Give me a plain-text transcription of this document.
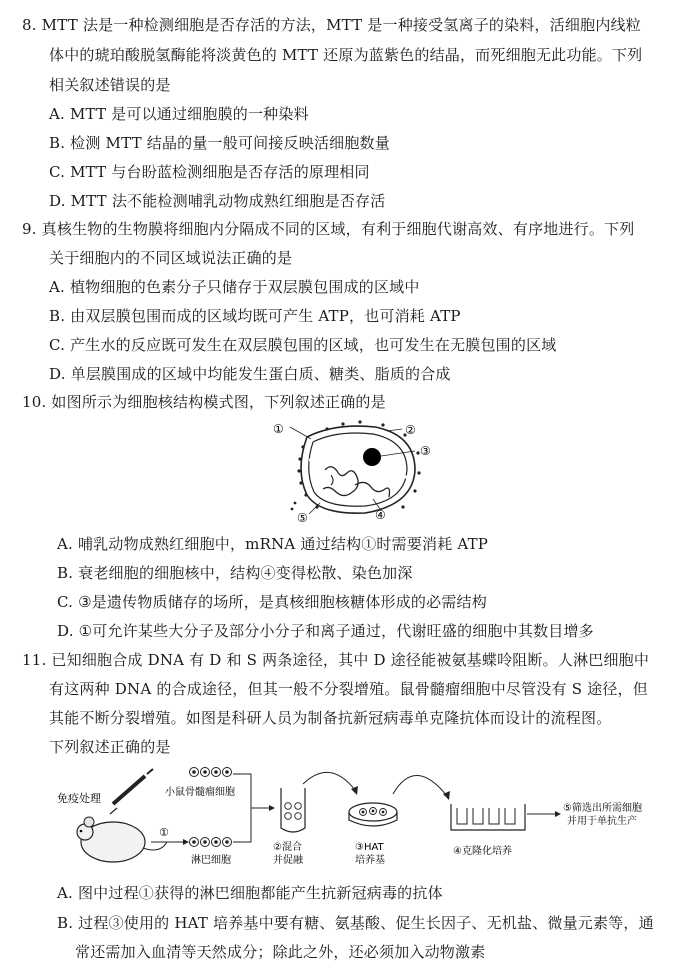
8. MTT 法是一种检测细胞是否存活的方法，MTT 是一种接受氢离子的染料，活细胞内线粒
体中的琥珀酸脱氢酶能将淡黄色的 MTT 还原为蓝紫色的结晶，而死细胞无此功能。下列
相关叙述错误的是
A. MTT 是可以通过细胞膜的一种染料
B. 检测 MTT 结晶的量一般可间接反映活细胞数量
C. MTT 与台盼蓝检测细胞是否存活的原理相同
D. MTT 法不能检测哺乳动物成熟红细胞是否存活
9. 真核生物的生物膜将细胞内分隔成不同的区域，有利于细胞代谢高效、有序地进行。下列
关于细胞内的不同区域说法正确的是
A. 植物细胞的色素分子只储存于双层膜包围成的区域中
B. 由双层膜包围而成的区域均既可产生 ATP，也可消耗 ATP
C. 产生水的反应既可发生在双层膜包围的区域，也可发生在无膜包围的区域
D. 单层膜围成的区域中均能发生蛋白质、糖类、脂质的合成
10. 如图所示为细胞核结构模式图，下列叙述正确的是
①	②
③
④
⑤
A. 哺乳动物成熟红细胞中，mRNA 通过结构①时需要消耗 ATP
B. 衰老细胞的细胞核中，结构④变得松散、染色加深
C. ③是遗传物质储存的场所，是真核细胞核糖体形成的必需结构
D. ①可允许某些大分子及部分小分子和离子通过，代谢旺盛的细胞中其数目增多
11. 已知细胞合成 DNA 有 D 和 S 两条途径，其中 D 途径能被氨基蝶呤阻断。人淋巴细胞中
有这两种 DNA 的合成途径，但其一般不分裂增殖。鼠骨髓瘤细胞中尽管没有 S 途径，但
其能不断分裂增殖。如图是科研人员为制备抗新冠病毒单克隆抗体而设计的流程图。
下列叙述正确的是
免疫处理	小鼠骨髓瘤细胞
淋巴细胞
①
②混合
并促融
③HAT
培养基
④克隆化培养
⑤筛选出所需细胞
并用于单抗生产
A. 图中过程①获得的淋巴细胞都能产生抗新冠病毒的抗体
B. 过程③使用的 HAT 培养基中要有糖、氨基酸、促生长因子、无机盐、微量元素等，通
常还需加入血清等天然成分；除此之外，还必须加入动物激素
